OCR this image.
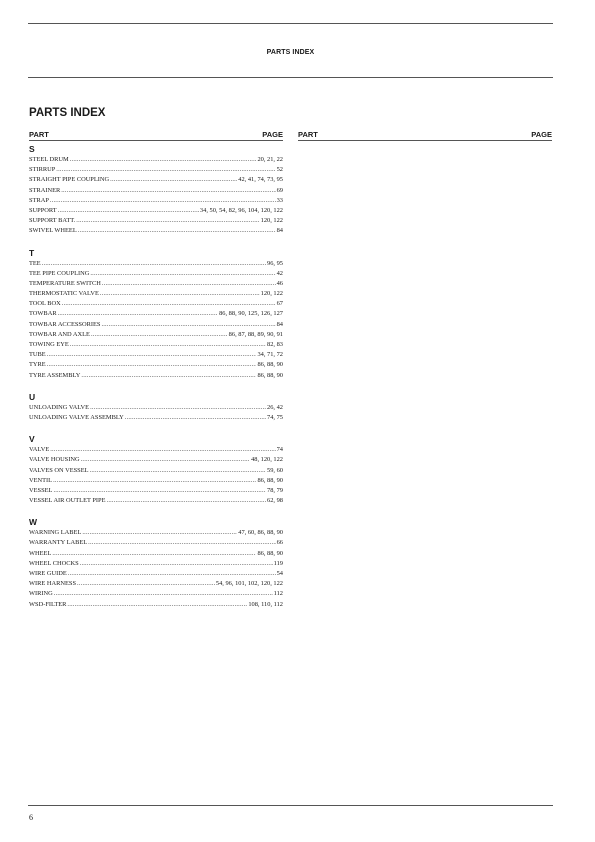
PARTS INDEX
PARTS INDEX
PART	PAGE PART	PAGE
S
STEEL DRUM .....	20, 21, 22
STIRRUP .....	52
STRAIGHT PIPE COUPLING .....	42, 41, 74, 73, 95
STRAINER .....	69
STRAP .....	33
SUPPORT .....	34, 50, 54, 82, 96, 104, 120, 122
SUPPORT BATT. .....	120, 122
SWIVEL WHEEL .....	84
T
TEE .....	96, 95
TEE PIPE COUPLING .....	42
TEMPERATURE SWITCH .....	46
THERMOSTATIC VALVE .....	120, 122
TOOL BOX .....	67
TOWBAR .....	86, 88, 90, 125, 126, 127
TOWBAR ACCESSORIES .....	84
TOWBAR AND AXLE .....	86, 87, 88, 89, 90, 91
TOWING EYE .....	82, 83
TUBE .....	34, 71, 72
TYRE .....	86, 88, 90
TYRE ASSEMBLY .....	86, 88, 90
U
UNLOADING VALVE .....	26, 42
UNLOADING VALVE ASSEMBLY .....	74, 75
V
VALVE .....	74
VALVE HOUSING .....	48, 120, 122
VALVES ON VESSEL .....	59, 60
VENTIL .....	86, 88, 90
VESSEL .....	78, 79
VESSEL AIR OUTLET PIPE .....	62, 98
W
WARNING LABEL .....	47, 60, 86, 88, 90
WARRANTY LABEL .....	66
WHEEL .....	86, 88, 90
WHEEL CHOCKS .....	119
WIRE GUIDE .....	54
WIRE HARNESS .....	54, 96, 101, 102, 120, 122
WIRING .....	112
WSD-FILTER .....	108, 110, 112
6
